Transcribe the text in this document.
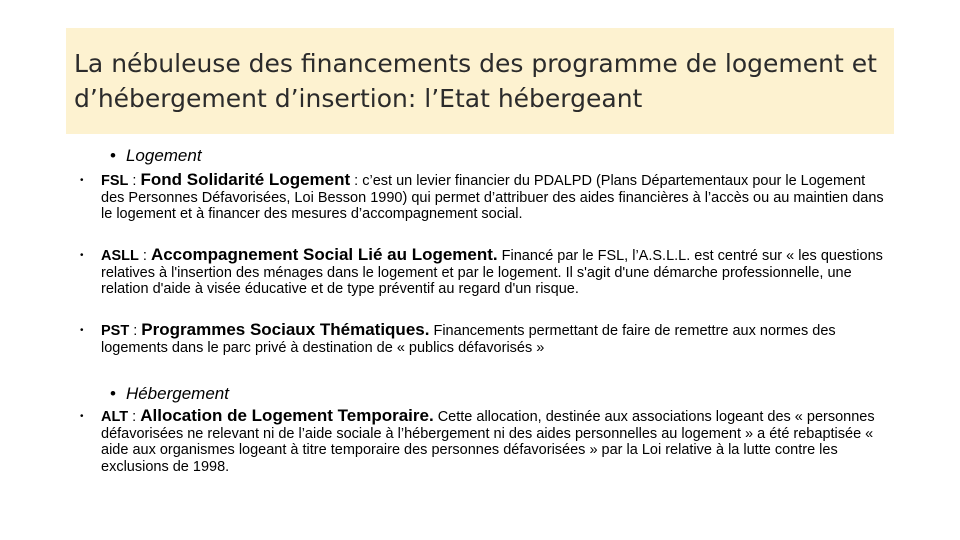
La nébuleuse des financements des programme de logement et d’hébergement d’insertion: l’Etat hébergeant
• Logement
• FSL : Fond Solidarité Logement : c’est un levier financier du PDALPD (Plans Départementaux pour le Logement des Personnes Défavorisées, Loi Besson 1990) qui permet d’attribuer des aides financières à l’accès ou au maintien dans le logement et à financer des mesures d’accompagnement social.
• ASLL : Accompagnement Social Lié au Logement. Financé par le FSL, l’A.S.L.L. est centré sur « les questions relatives à l'insertion des ménages dans le logement et par le logement. Il s'agit d'une démarche professionnelle, une relation d'aide à visée éducative et de type préventif au regard d'un risque.
• PST : Programmes Sociaux Thématiques. Financements permettant de faire de remettre aux normes des logements dans le parc privé à destination de « publics défavorisés »
• Hébergement
• ALT : Allocation de Logement Temporaire. Cette allocation, destinée aux associations logeant des « personnes défavorisées ne relevant ni de l’aide sociale à l’hébergement ni des aides personnelles au logement » a été rebaptisée « aide aux organismes logeant à titre temporaire des personnes défavorisées » par la Loi relative à la lutte contre les exclusions de 1998.
